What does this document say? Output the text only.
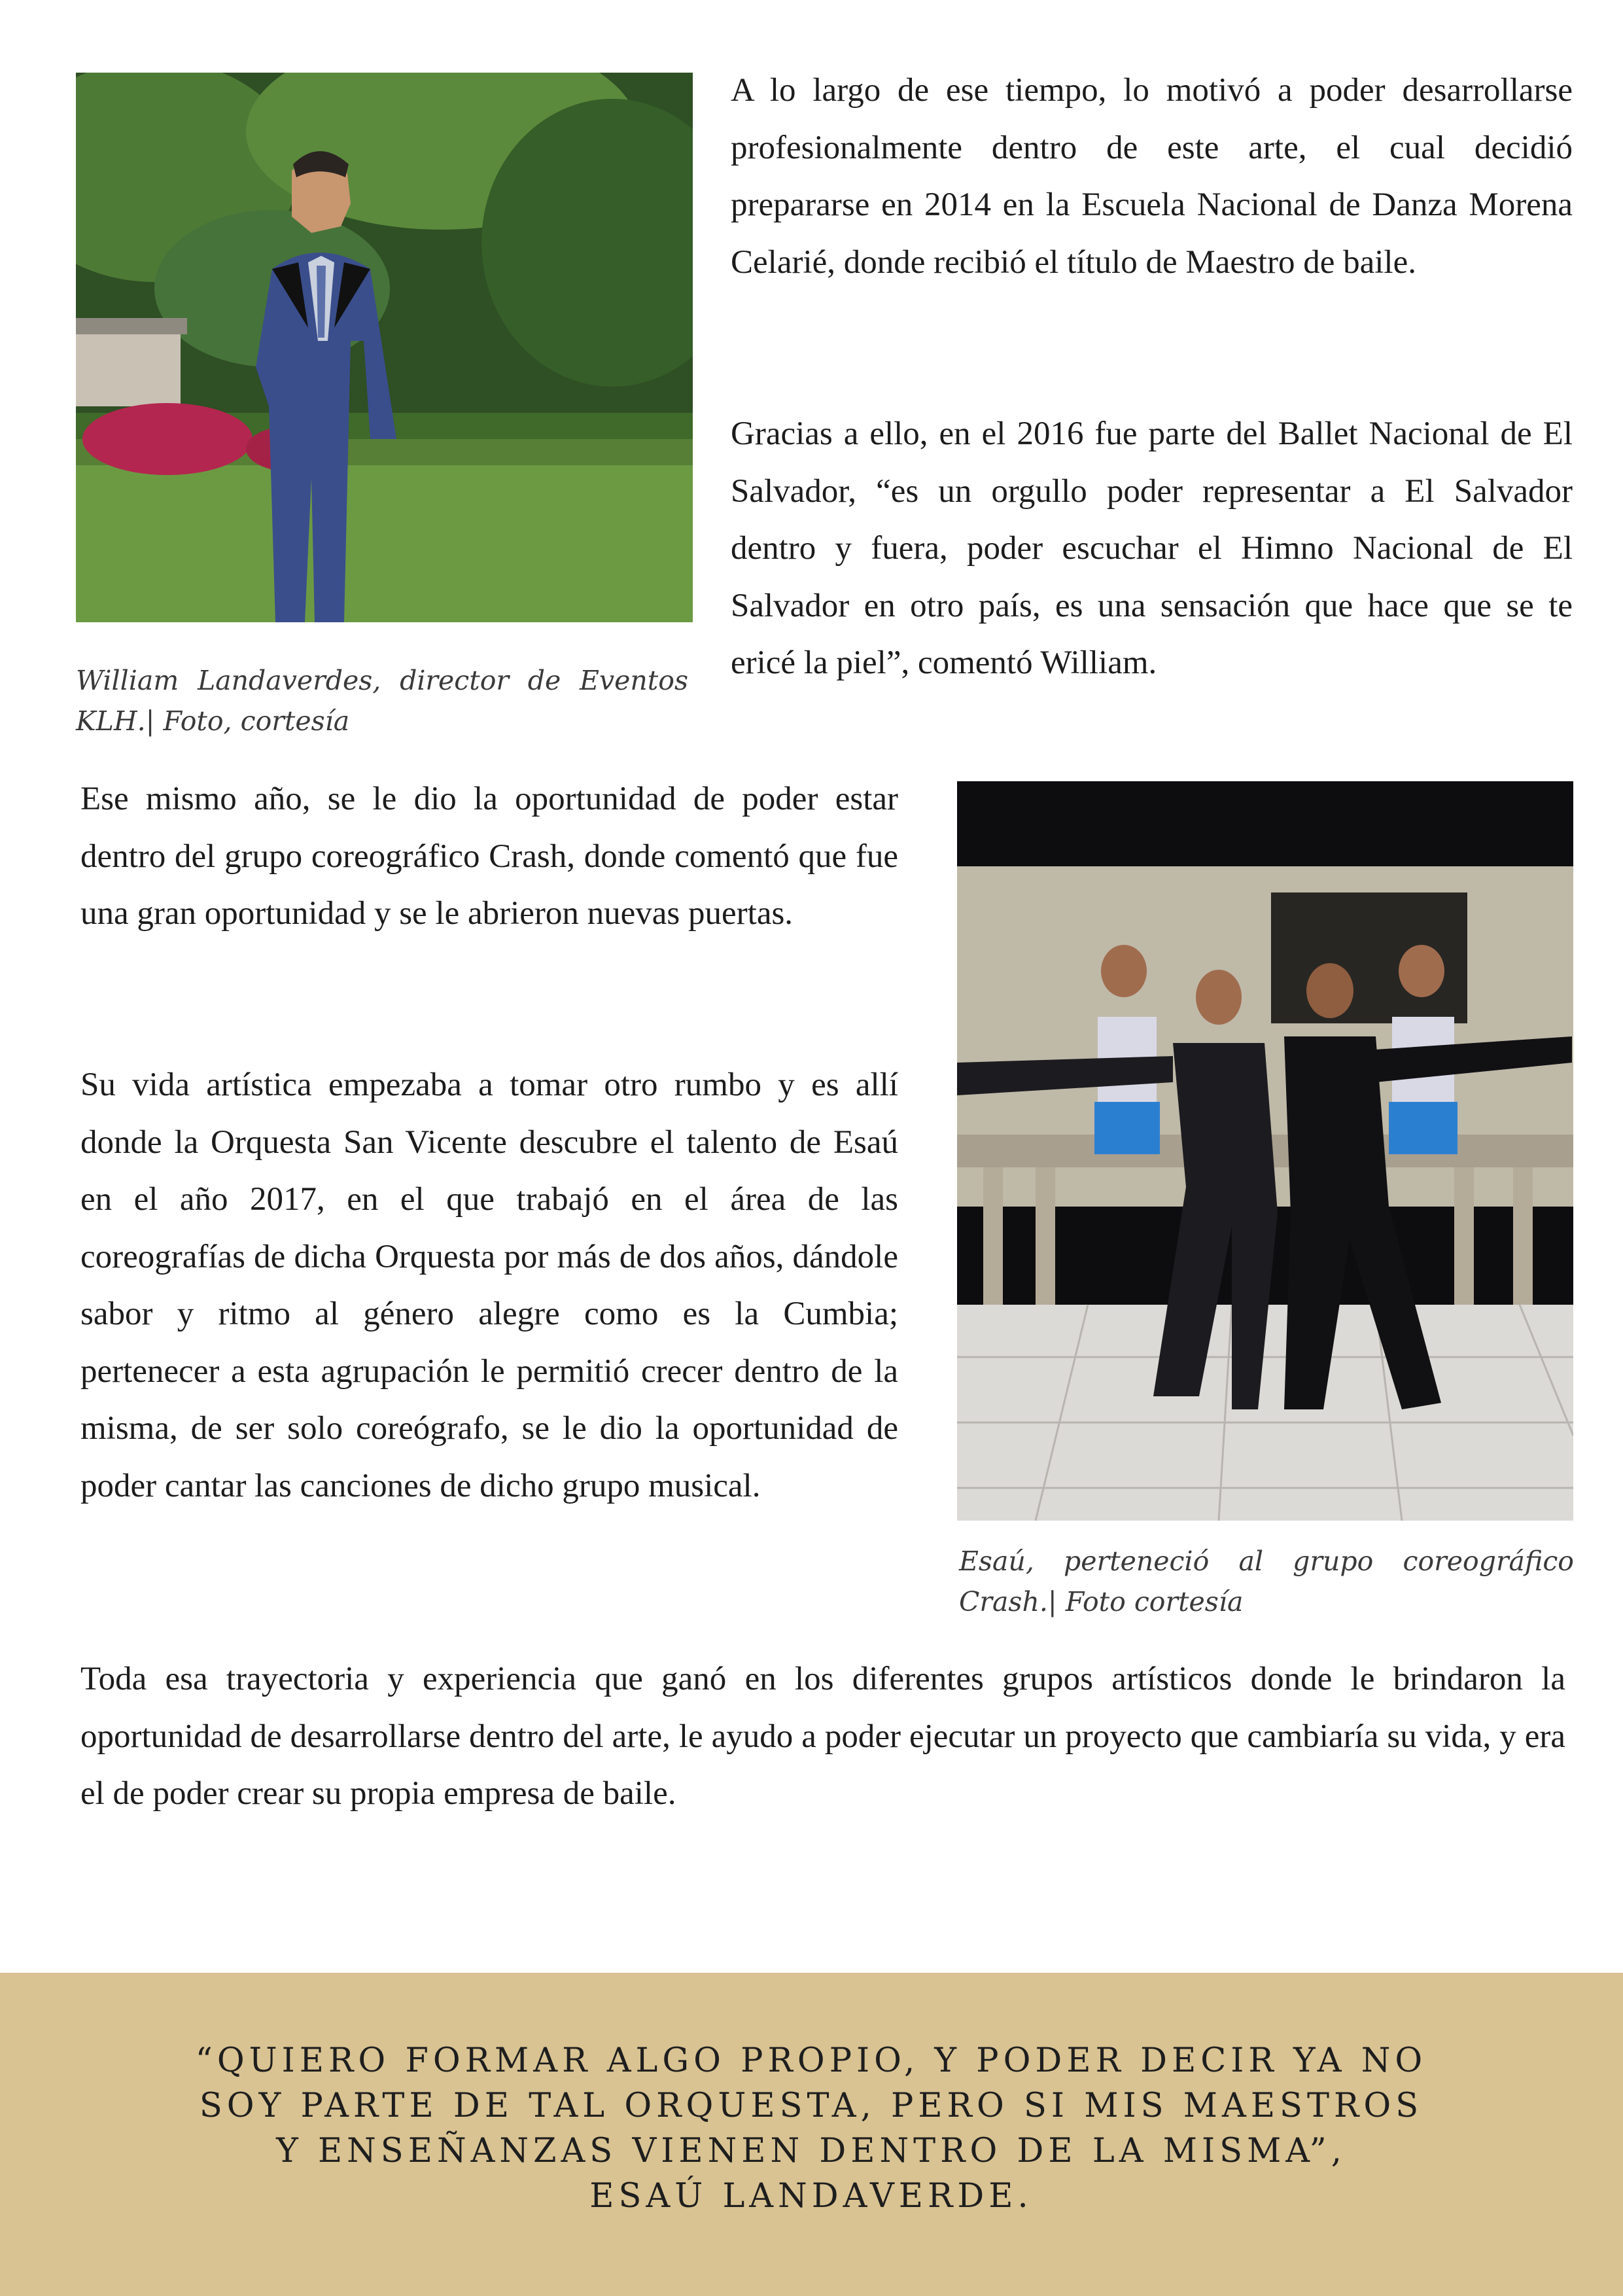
William Landaverdes, director de Eventos KLH.| Foto, cortesía

A lo largo de ese tiempo, lo motivó a poder desarrollarse profesionalmente dentro de este arte, el cual decidió prepararse en 2014 en la Escuela Nacional de Danza Morena Celarié, donde recibió el título de Maestro de baile.

Gracias a ello, en el 2016 fue parte del Ballet Nacional de El Salvador, “es un orgullo poder representar a El Salvador dentro y fuera, poder escuchar el Himno Nacional de El Salvador en otro país, es una sensación que hace que se te ericé la piel”, comentó William.

Ese mismo año, se le dio la oportunidad de poder estar dentro del grupo coreográfico Crash, donde comentó que fue una gran oportunidad y se le abrieron nuevas puertas.

Su vida artística empezaba a tomar otro rumbo y es allí donde la Orquesta San Vicente descubre el talento de Esaú en el año 2017, en el que trabajó en el área de las coreografías de dicha Orquesta por más de dos años, dándole sabor y ritmo al género alegre como es la Cumbia; pertenecer a esta agrupación le permitió crecer dentro de la misma, de ser solo coreógrafo, se le dio la oportunidad de poder cantar las canciones de dicho grupo musical.

Esaú, perteneció al grupo coreográfico Crash.| Foto cortesía

Toda esa trayectoria y experiencia que ganó en los diferentes grupos artísticos donde le brindaron la oportunidad de desarrollarse dentro del arte, le ayudo a poder ejecutar un proyecto que cambiaría su vida, y era el de poder crear su propia empresa de baile.

“QUIERO FORMAR ALGO PROPIO, Y PODER DECIR YA NO
SOY PARTE DE TAL ORQUESTA, PERO SI MIS MAESTROS
Y ENSEÑANZAS VIENEN DENTRO DE LA MISMA”,
ESAÚ LANDAVERDE.
